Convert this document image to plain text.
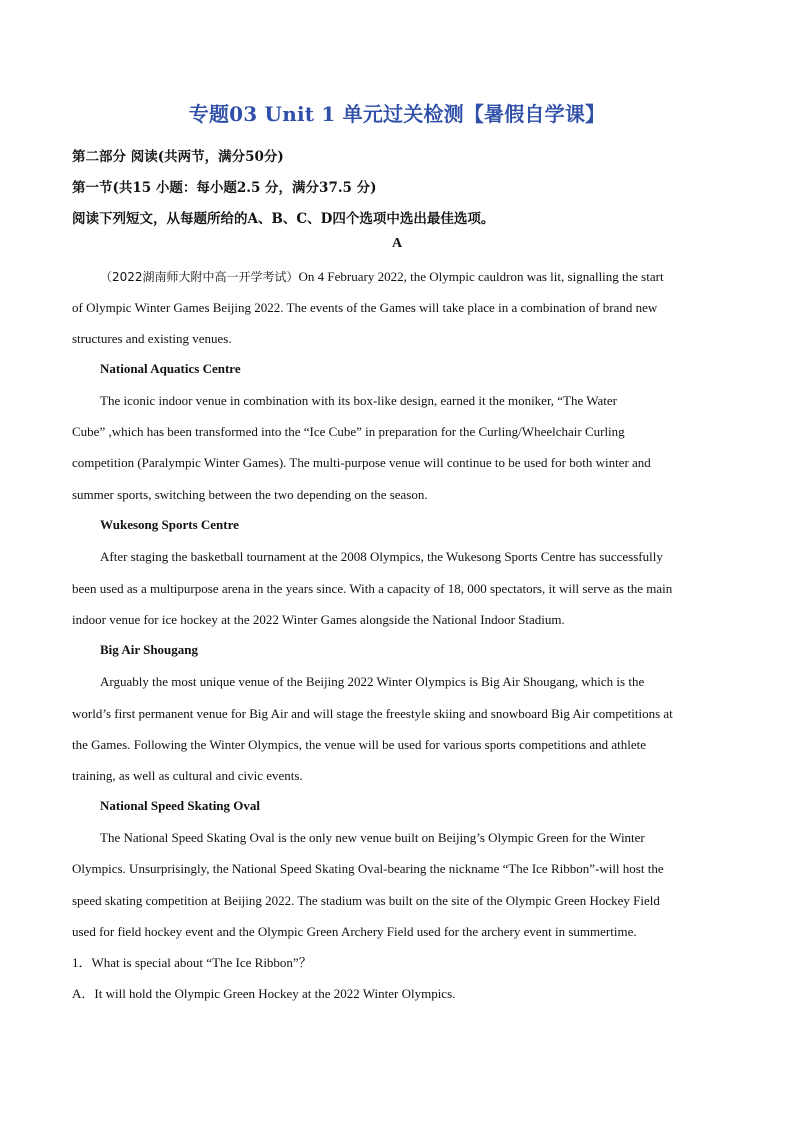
专题03 Unit 1 单元过关检测【暑假自学课】
第二部分 阅读(共两节，满分50分)
第一节(共15 小题：每小题2.5 分，满分37.5 分)
阅读下列短文，从每题所给的A、B、C、D四个选项中选出最佳选项。
A
（2022湖南师大附中高一开学考试）On 4 February 2022, the Olympic cauldron was lit, signalling the start
of Olympic Winter Games Beijing 2022. The events of the Games will take place in a combination of brand new
structures and existing venues.
National Aquatics Centre
The iconic indoor venue in combination with its box-like design, earned it the moniker, “The Water
Cube” ,which has been transformed into the “Ice Cube” in preparation for the Curling/Wheelchair Curling
competition (Paralympic Winter Games). The multi-purpose venue will continue to be used for both winter and
summer sports, switching between the two depending on the season.
Wukesong Sports Centre
After staging the basketball tournament at the 2008 Olympics, the Wukesong Sports Centre has successfully
been used as a multipurpose arena in the years since. With a capacity of 18, 000 spectators, it will serve as the main
indoor venue for ice hockey at the 2022 Winter Games alongside the National Indoor Stadium.
Big Air Shougang
Arguably the most unique venue of the Beijing 2022 Winter Olympics is Big Air Shougang, which is the
world’s first permanent venue for Big Air and will stage the freestyle skiing and snowboard Big Air competitions at
the Games. Following the Winter Olympics, the venue will be used for various sports competitions and athlete
training, as well as cultural and civic events.
National Speed Skating Oval
The National Speed Skating Oval is the only new venue built on Beijing’s Olympic Green for the Winter
Olympics. Unsurprisingly, the National Speed Skating Oval-bearing the nickname “The Ice Ribbon”-will host the
speed skating competition at Beijing 2022. The stadium was built on the site of the Olympic Green Hockey Field
used for field hockey event and the Olympic Green Archery Field used for the archery event in summertime.
1．What is special about “The Ice Ribbon”？
A．It will hold the Olympic Green Hockey at the 2022 Winter Olympics.
